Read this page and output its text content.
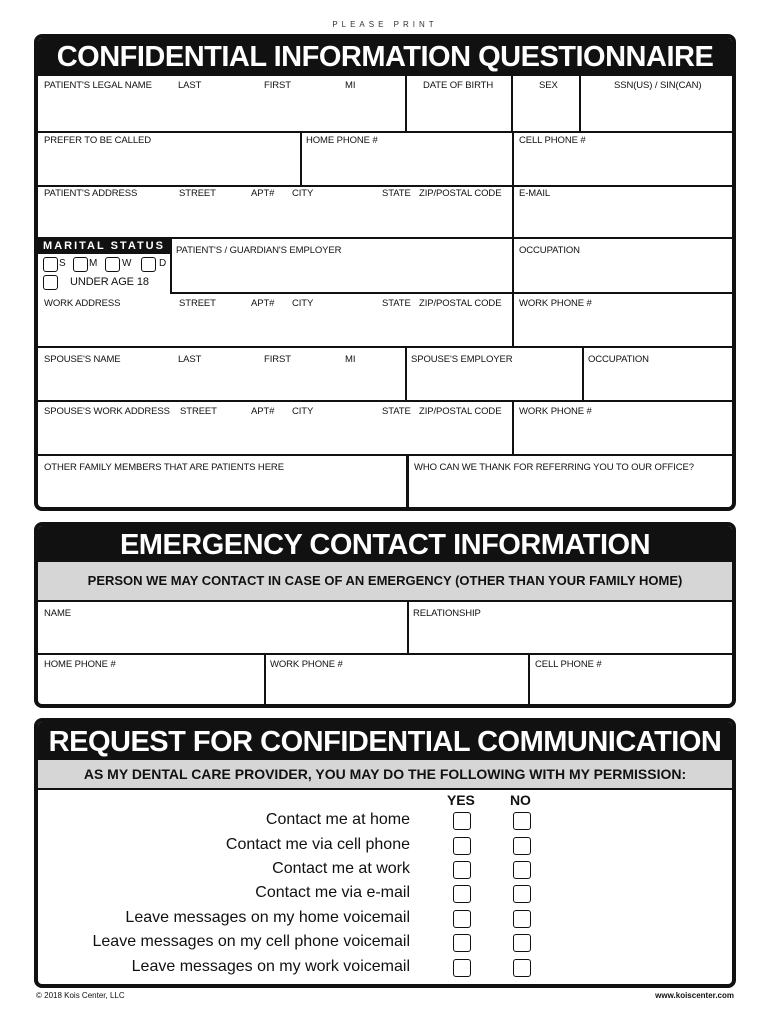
PLEASE PRINT
CONFIDENTIAL INFORMATION QUESTIONNAIRE
PATIENT'S LEGAL NAME	LAST	FIRST	MI	DATE OF BIRTH	SEX	SSN(US) / SIN(CAN)
PREFER TO BE CALLED	HOME PHONE #	CELL PHONE #
PATIENT'S ADDRESS	STREET	APT# CITY	STATE ZIP/POSTAL CODE E-MAIL
MARITAL STATUS
S M W	D
UNDER AGE 18
PATIENT'S / GUARDIAN'S EMPLOYER	OCCUPATION
WORK ADDRESS	STREET	APT# CITY	STATE ZIP/POSTAL CODE WORK PHONE #
SPOUSE'S NAME	LAST	FIRST	MI	SPOUSE'S EMPLOYER	OCCUPATION
SPOUSE'S WORK ADDRESS STREET	APT# CITY	STATE ZIP/POSTAL CODE WORK PHONE #
OTHER FAMILY MEMBERS THAT ARE PATIENTS HERE	WHO CAN WE THANK FOR REFERRING YOU TO OUR OFFICE?
EMERGENCY CONTACT INFORMATION
PERSON WE MAY CONTACT IN CASE OF AN EMERGENCY (OTHER THAN YOUR FAMILY HOME)
NAME	RELATIONSHIP
HOME PHONE #	WORK PHONE #	CELL PHONE #
REQUEST FOR CONFIDENTIAL COMMUNICATION
AS MY DENTAL CARE PROVIDER, YOU MAY DO THE FOLLOWING WITH MY PERMISSION:
YES	NO
Contact me at home
Contact me via cell phone
Contact me at work
Contact me via e-mail
Leave messages on my home voicemail
Leave messages on my cell phone voicemail
Leave messages on my work voicemail
© 2018 Kois Center, LLC	www.koiscenter.com
